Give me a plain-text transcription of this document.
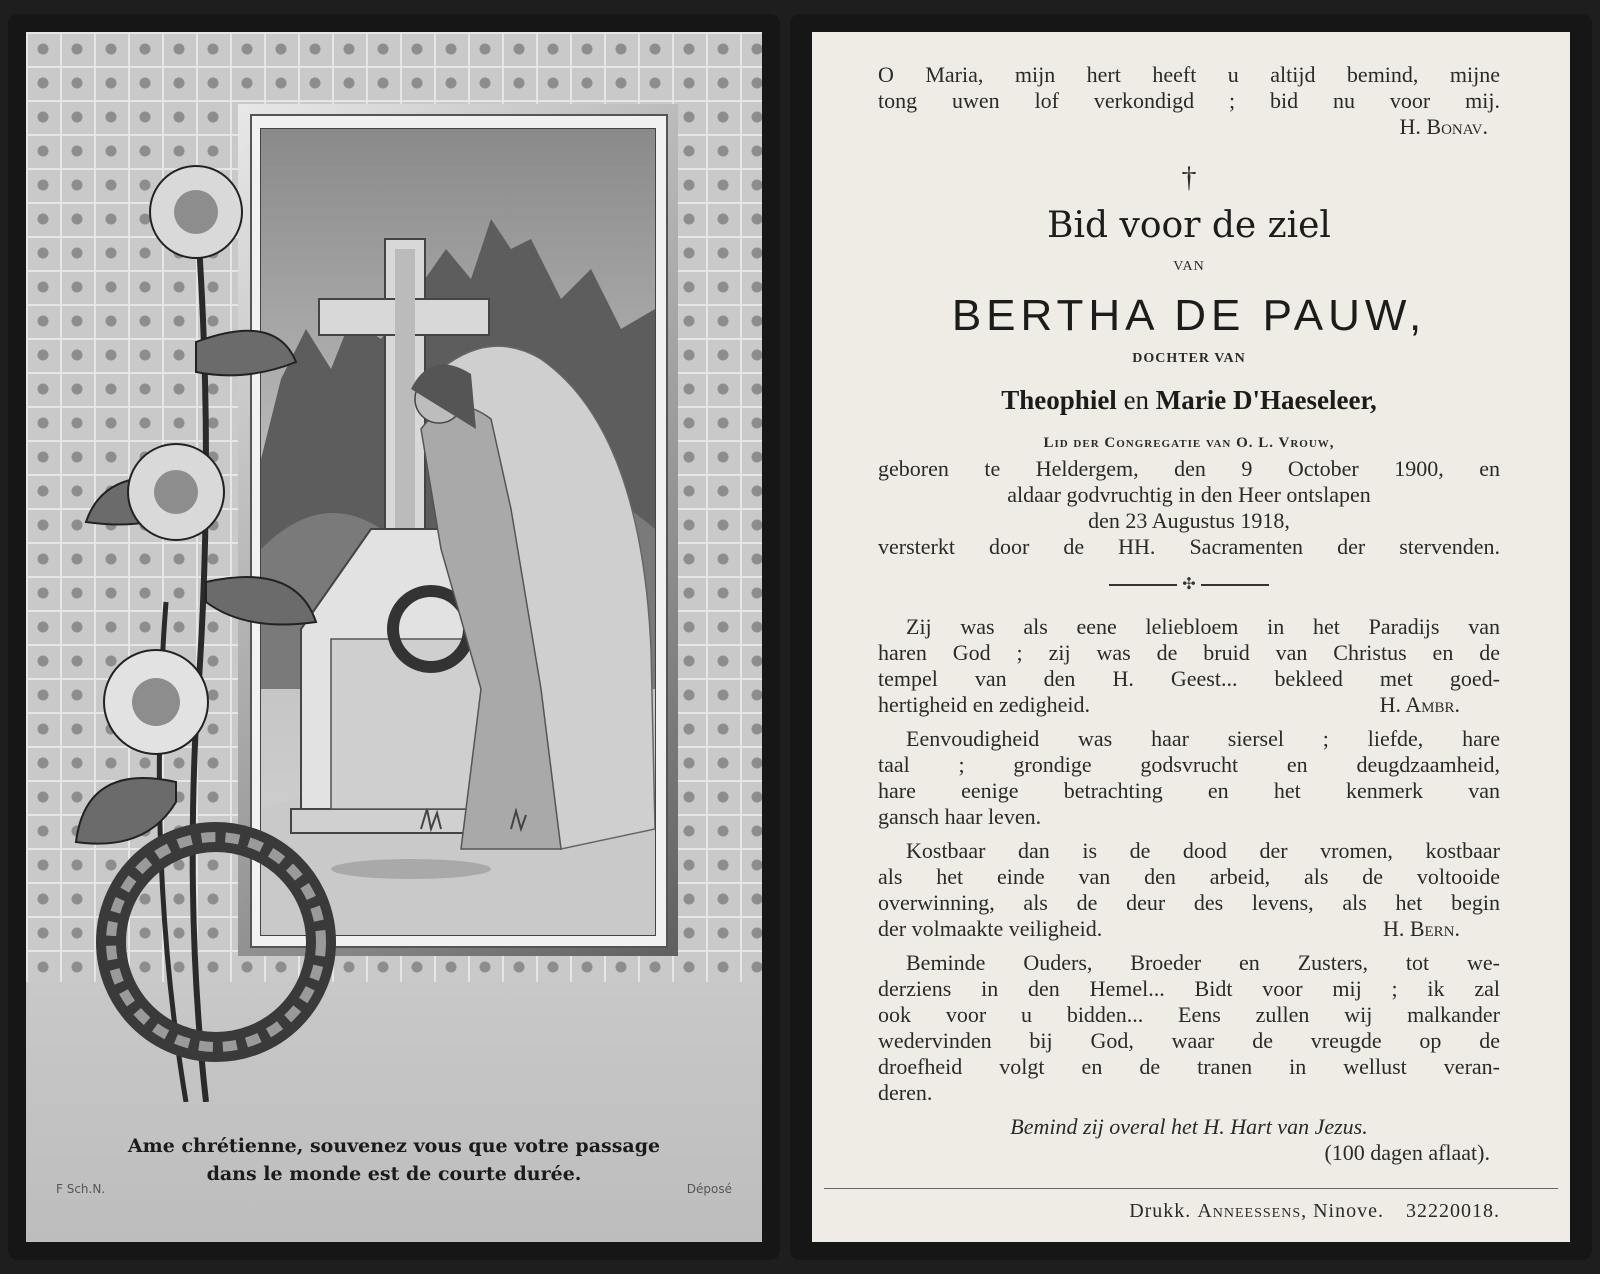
Ame chrétienne, souvenez vous que votre passage
dans le monde est de courte durée.
F Sch.N.	Déposé
O Maria, mijn hert heeft u altijd bemind, mijne
tong uwen lof verkondigd ; bid nu voor mij.
H. Bonav.
†
Bid voor de ziel
VAN
BERTHA DE PAUW,
DOCHTER VAN
Theophiel en Marie D'Haeseleer,
Lid der Congregatie van O. L. Vrouw,
geboren te Heldergem, den 9 October 1900, en
aldaar godvruchtig in den Heer ontslapen
den 23 Augustus 1918,
versterkt door de HH. Sacramenten der stervenden.
✣
Zij was als eene leliebloem in het Paradijs van
haren God ; zij was de bruid van Christus en de
tempel van den H. Geest... bekleed met goed-
hertigheid en zedigheid.	H. Ambr.
Eenvoudigheid was haar siersel ; liefde, hare
taal ; grondige godsvrucht en deugdzaamheid,
hare eenige betrachting en het kenmerk van
gansch haar leven.
Kostbaar dan is de dood der vromen, kostbaar
als het einde van den arbeid, als de voltooide
overwinning, als de deur des levens, als het begin
der volmaakte veiligheid.	H. Bern.
Beminde Ouders, Broeder en Zusters, tot we-
derziens in den Hemel... Bidt voor mij ; ik zal
ook voor u bidden... Eens zullen wij malkander
wedervinden bij God, waar de vreugde op de
droefheid volgt en de tranen in wellust veran-
deren.
Bemind zij overal het H. Hart van Jezus.
(100 dagen aflaat).
Drukk. Anneessens, Ninove. 32220018.
